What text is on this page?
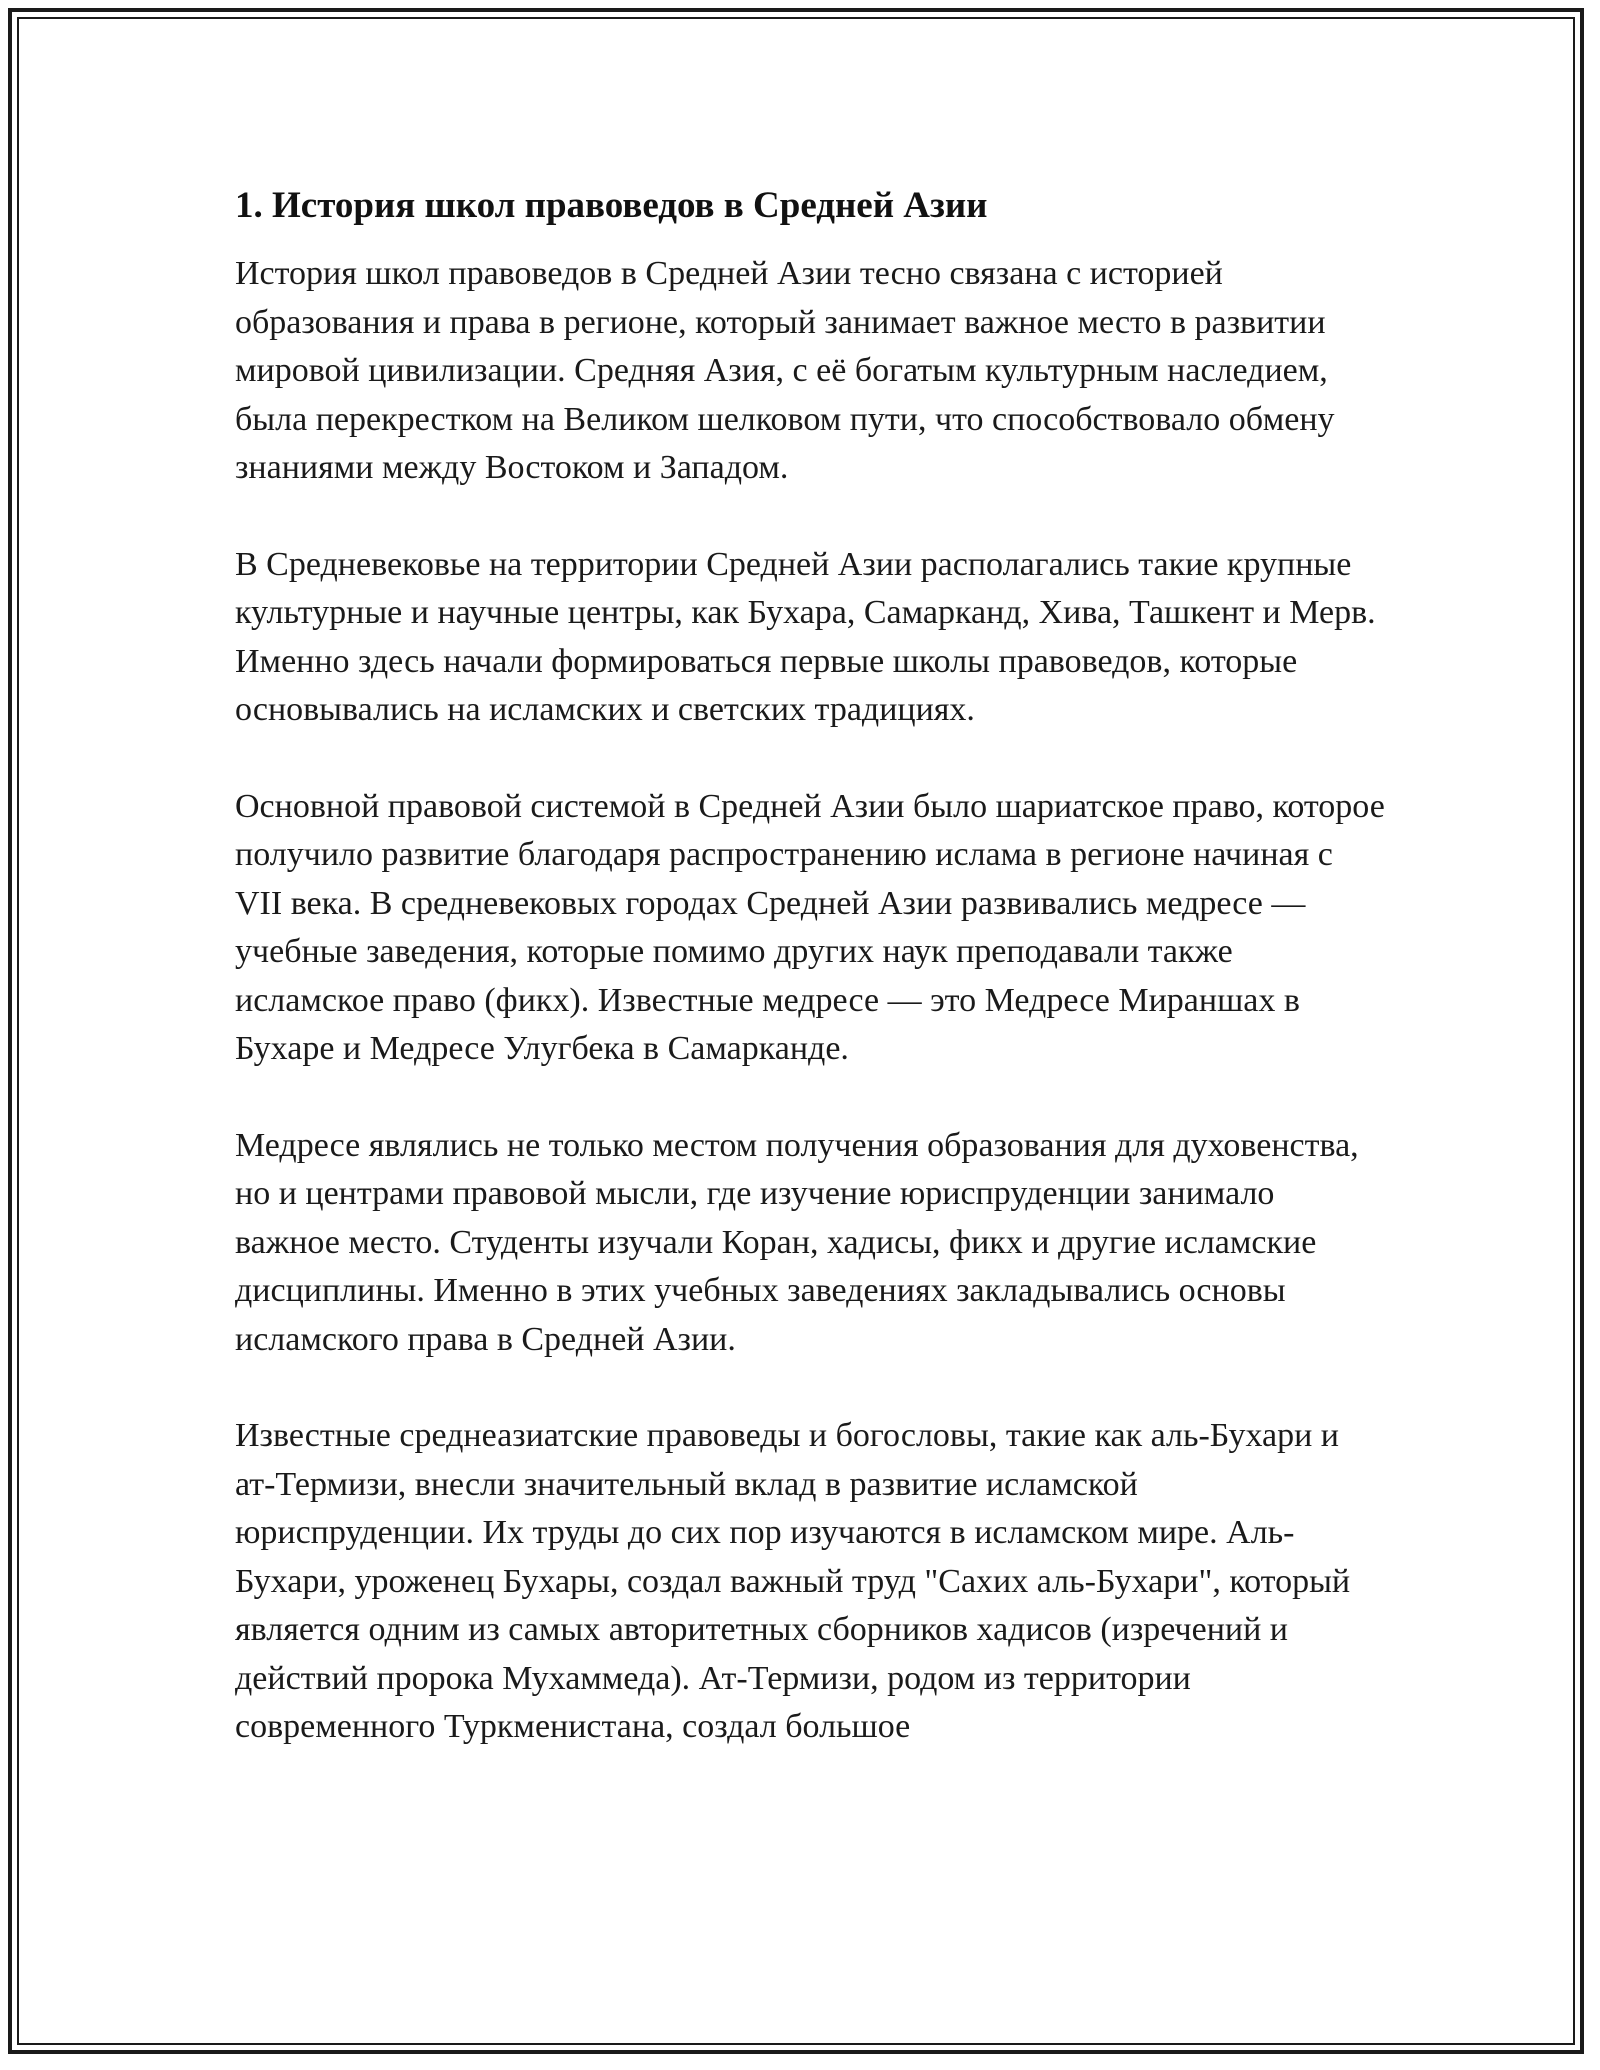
1. История школ правоведов в Средней Азии

История школ правоведов в Средней Азии тесно связана с историей образования и права в регионе, который занимает важное место в развитии мировой цивилизации. Средняя Азия, с её богатым культурным наследием, была перекрестком на Великом шелковом пути, что способствовало обмену знаниями между Востоком и Западом.

В Средневековье на территории Средней Азии располагались такие крупные культурные и научные центры, как Бухара, Самарканд, Хива, Ташкент и Мерв. Именно здесь начали формироваться первые школы правоведов, которые основывались на исламских и светских традициях.

Основной правовой системой в Средней Азии было шариатское право, которое получило развитие благодаря распространению ислама в регионе начиная с VII века. В средневековых городах Средней Азии развивались медресе — учебные заведения, которые помимо других наук преподавали также исламское право (фикх). Известные медресе — это Медресе Мираншах в Бухаре и Медресе Улугбека в Самарканде.

Медресе являлись не только местом получения образования для духовенства, но и центрами правовой мысли, где изучение юриспруденции занимало важное место. Студенты изучали Коран, хадисы, фикх и другие исламские дисциплины. Именно в этих учебных заведениях закладывались основы исламского права в Средней Азии.

Известные среднеазиатские правоведы и богословы, такие как аль-Бухари и ат-Термизи, внесли значительный вклад в развитие исламской юриспруденции. Их труды до сих пор изучаются в исламском мире. Аль-Бухари, уроженец Бухары, создал важный труд "Сахих аль-Бухари", который является одним из самых авторитетных сборников хадисов (изречений и действий пророка Мухаммеда). Ат-Термизи, родом из территории современного Туркменистана, создал большое
